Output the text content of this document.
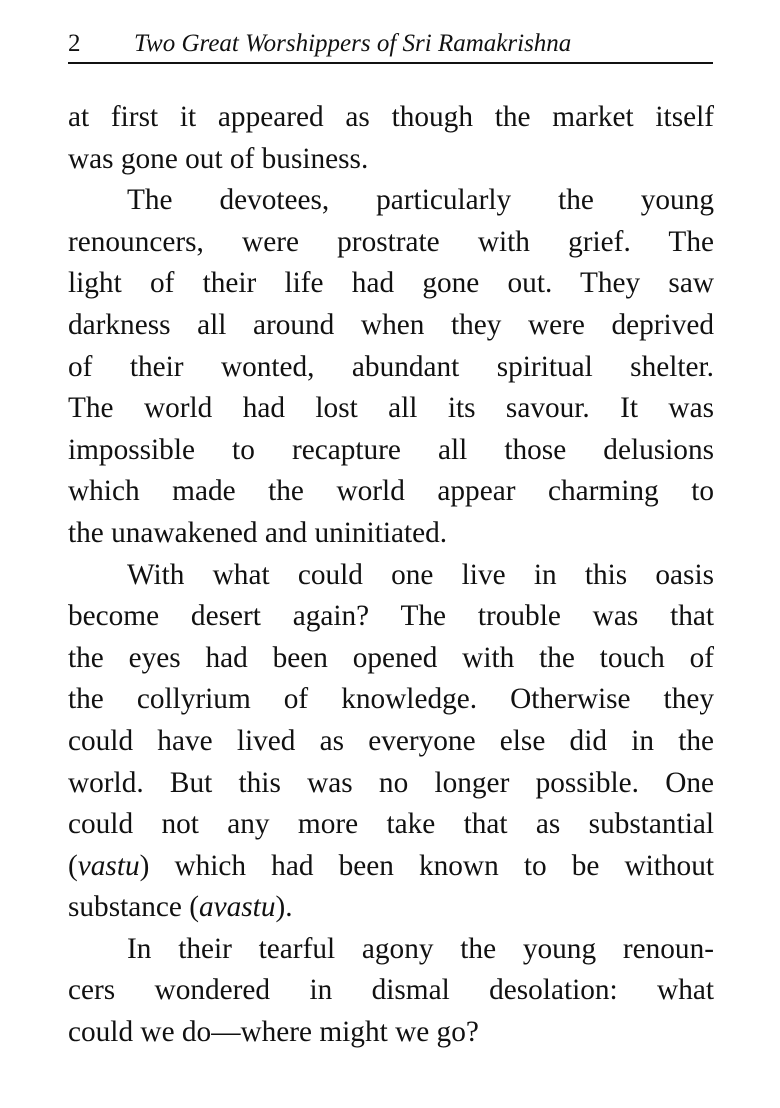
2 Two Great Worshippers of Sri Ramakrishna
at first it appeared as though the market itself
was gone out of business.
The devotees, particularly the young
renouncers, were prostrate with grief. The
light of their life had gone out. They saw
darkness all around when they were deprived
of their wonted, abundant spiritual shelter.
The world had lost all its savour. It was
impossible to recapture all those delusions
which made the world appear charming to
the unawakened and uninitiated.
With what could one live in this oasis
become desert again? The trouble was that
the eyes had been opened with the touch of
the collyrium of knowledge. Otherwise they
could have lived as everyone else did in the
world. But this was no longer possible. One
could not any more take that as substantial
(vastu) which had been known to be without
substance (avastu).
In their tearful agony the young renoun-
cers wondered in dismal desolation: what
could we do—where might we go?
